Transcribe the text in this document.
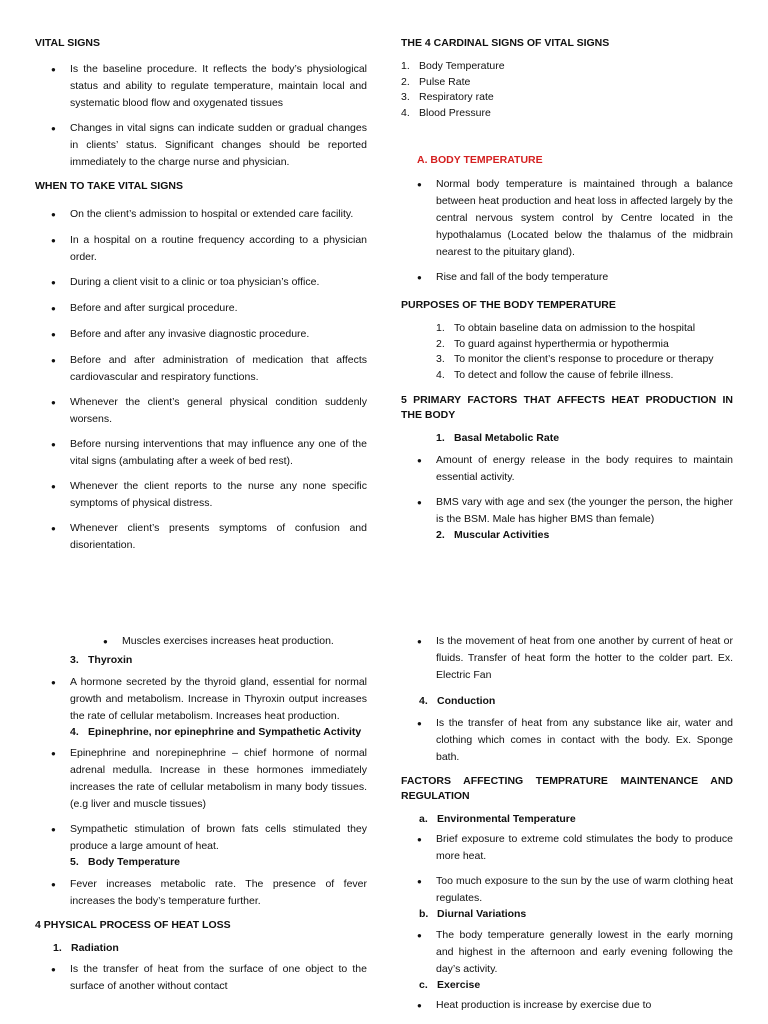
VITAL SIGNS
● Is the baseline procedure. It reflects the body’s physiological status and ability to regulate temperature, maintain local and systematic blood flow and oxygenated tissues
● Changes in vital signs can indicate sudden or gradual changes in clients’ status. Significant changes should be reported immediately to the charge nurse and physician.
WHEN TO TAKE VITAL SIGNS
● On the client’s admission to hospital or extended care facility.
● In a hospital on a routine frequency according to a physician order.
● During a client visit to a clinic or toa physician’s office.
● Before and after surgical procedure.
● Before and after any invasive diagnostic procedure.
● Before and after administration of medication that affects cardiovascular and respiratory functions.
● Whenever the client’s general physical condition suddenly worsens.
● Before nursing interventions that may influence any one of the vital signs (ambulating after a week of bed rest).
● Whenever the client reports to the nurse any none specific symptoms of physical distress.
● Whenever client’s presents symptoms of confusion and disorientation.
THE 4 CARDINAL SIGNS OF VITAL SIGNS
1. Body Temperature
2. Pulse Rate
3. Respiratory rate
4. Blood Pressure
A. BODY TEMPERATURE
● Normal body temperature is maintained through a balance between heat production and heat loss in affected largely by the central nervous system control by Centre located in the hypothalamus (Located below the thalamus of the midbrain nearest to the pituitary gland).
● Rise and fall of the body temperature
PURPOSES OF THE BODY TEMPERATURE
1. To obtain baseline data on admission to the hospital
2. To guard against hyperthermia or hypothermia
3. To monitor the client’s response to procedure or therapy
4. To detect and follow the cause of febrile illness.
5 PRIMARY FACTORS THAT AFFECTS HEAT PRODUCTION IN THE BODY
1. Basal Metabolic Rate
● Amount of energy release in the body requires to maintain essential activity.
● BMS vary with age and sex (the younger the person, the higher is the BSM. Male has higher BMS than female)
2. Muscular Activities
● Muscles exercises increases heat production.
3. Thyroxin
● A hormone secreted by the thyroid gland, essential for normal growth and metabolism. Increase in Thyroxin output increases the rate of cellular metabolism. Increases heat production.
4. Epinephrine, nor epinephrine and Sympathetic Activity
● Epinephrine and norepinephrine – chief hormone of normal adrenal medulla. Increase in these hormones immediately increases the rate of cellular metabolism in many body tissues. (e.g liver and muscle tissues)
● Sympathetic stimulation of brown fats cells stimulated they produce a large amount of heat.
5. Body Temperature
● Fever increases metabolic rate. The presence of fever increases the body’s temperature further.
4 PHYSICAL PROCESS OF HEAT LOSS
1. Radiation
● Is the transfer of heat from the surface of one object to the surface of another without contact
● Is the movement of heat from one another by current of heat or fluids. Transfer of heat form the hotter to the colder part. Ex. Electric Fan
4. Conduction
● Is the transfer of heat from any substance like air, water and clothing which comes in contact with the body. Ex. Sponge bath.
FACTORS AFFECTING TEMPRATURE MAINTENANCE AND REGULATION
a. Environmental Temperature
● Brief exposure to extreme cold stimulates the body to produce more heat.
● Too much exposure to the sun by the use of warm clothing heat regulates.
b. Diurnal Variations
● The body temperature generally lowest in the early morning and highest in the afternoon and early evening following the day’s activity.
c. Exercise
● Heat production is increase by exercise due to
